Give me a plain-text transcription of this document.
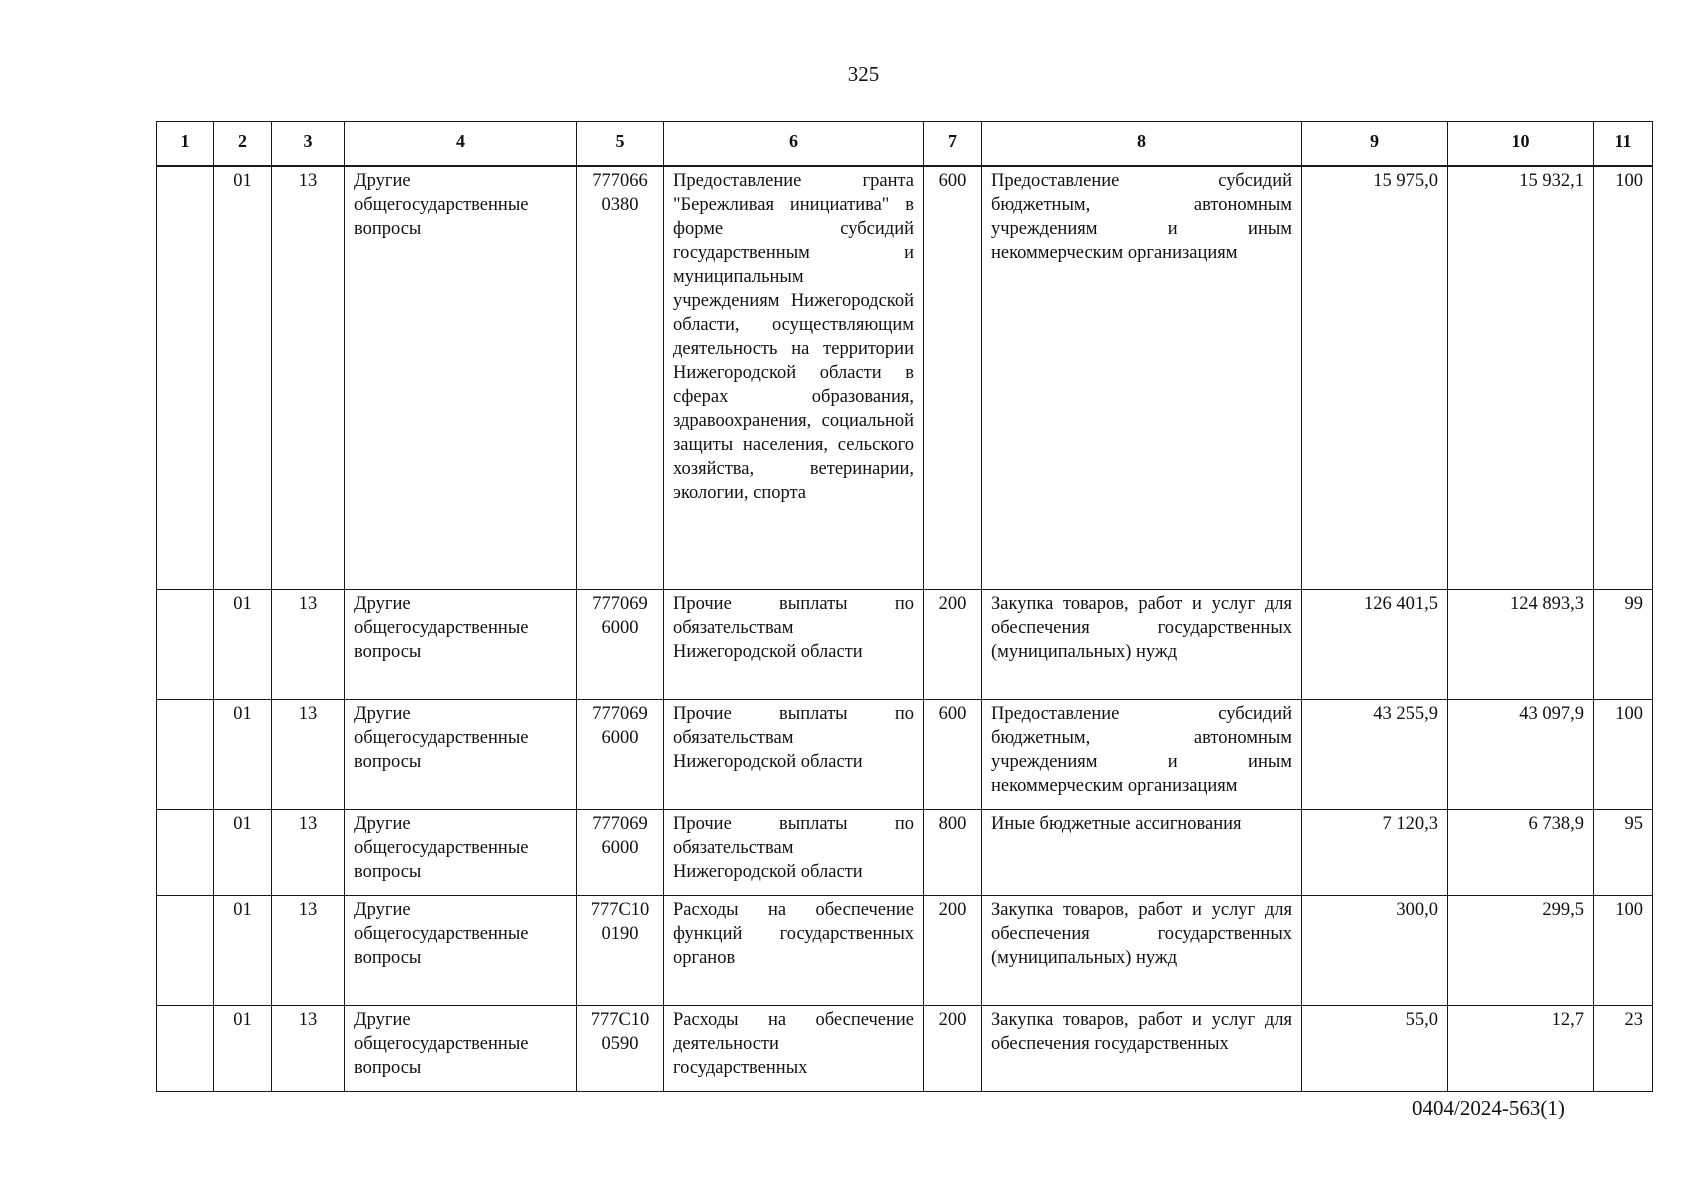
325
1	2	3	4	5	6	7	8	9	10	11
	01	13	Другие общегосударственные вопросы	777066 0380	Предоставление гранта "Бережливая инициатива" в форме субсидий государственным и муниципальным учреждениям Нижегородской области, осуществляющим деятельность на территории Нижегородской области в сферах образования, здравоохранения, социальной защиты населения, сельского хозяйства, ветеринарии, экологии, спорта	600	Предоставление субсидий бюджетным, автономным учреждениям и иным некоммерческим организациям	15 975,0	15 932,1	100
	01	13	Другие общегосударственные вопросы	777069 6000	Прочие выплаты по обязательствам Нижегородской области	200	Закупка товаров, работ и услуг для обеспечения государственных (муниципальных) нужд	126 401,5	124 893,3	99
	01	13	Другие общегосударственные вопросы	777069 6000	Прочие выплаты по обязательствам Нижегородской области	600	Предоставление субсидий бюджетным, автономным учреждениям и иным некоммерческим организациям	43 255,9	43 097,9	100
	01	13	Другие общегосударственные вопросы	777069 6000	Прочие выплаты по обязательствам Нижегородской области	800	Иные бюджетные ассигнования	7 120,3	6 738,9	95
	01	13	Другие общегосударственные вопросы	777С10 0190	Расходы на обеспечение функций государственных органов	200	Закупка товаров, работ и услуг для обеспечения государственных (муниципальных) нужд	300,0	299,5	100
	01	13	Другие общегосударственные вопросы	777С10 0590	Расходы на обеспечение деятельности государственных	200	Закупка товаров, работ и услуг для обеспечения государственных	55,0	12,7	23
0404/2024-563(1)
